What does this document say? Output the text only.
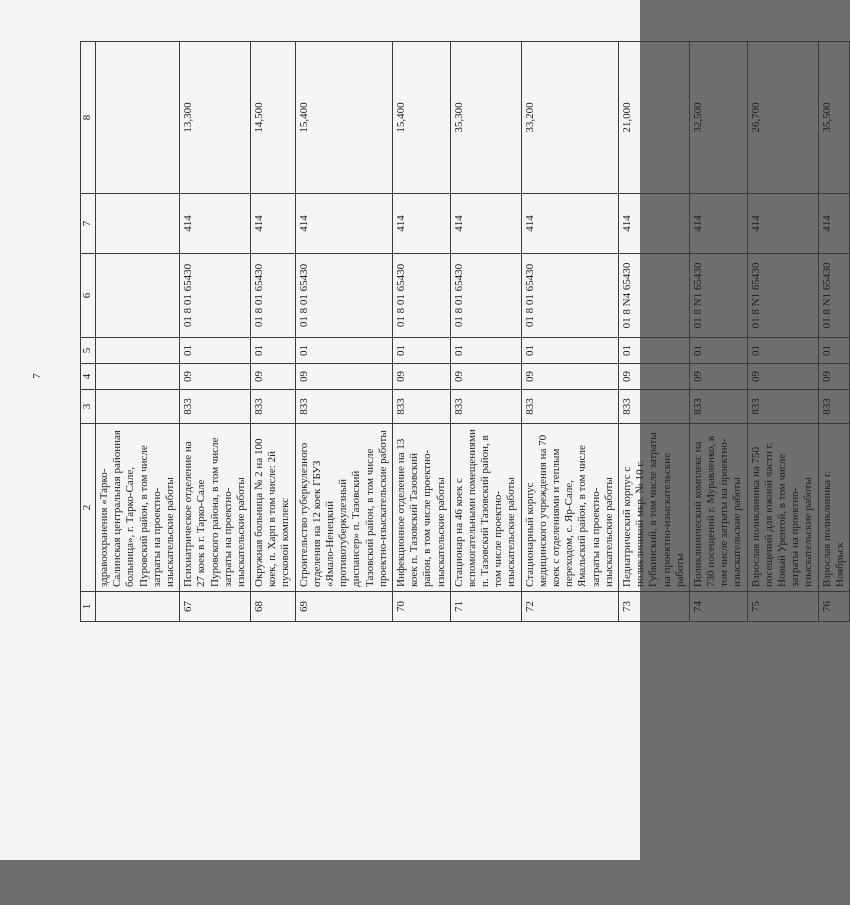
7
1	2	3	4	5	6	7	8
	здравоохранения «Тарко-Салинская центральная районная больница», г. Тарко-Сале, Пуровский район, в том числе затраты на проектно-изыскательские работы						
67	Психиатрическое отделение на 27 коек в г. Тарко-Сале Пуровского района, в том числе затраты на проектно-изыскательские работы	833	09	01	01 8 01 65430	414	13,300
68	Окружная больница № 2 на 100 коек, п. Харп в том числе: 2й пусковой комплекс	833	09	01	01 8 01 65430	414	14,500
69	Строительство туберкулезного отделения на 12 коек ГБУЗ «Ямало-Ненецкий противотуберкулезный диспансер» п. Тазовский Тазовский район, в том числе проектно-изыскательские работы	833	09	01	01 8 01 65430	414	15,400
70	Инфекционное отделение на 13 коек п. Тазовский Тазовский район, в том числе проектно-изыскательские работы	833	09	01	01 8 01 65430	414	15,400
71	Стационар на 46 коек с вспомогательными помещениями п. Тазовский Тазовский район, в том числе проектно-изыскательские работы	833	09	01	01 8 01 65430	414	35,300
72	Стационарный корпус медицинского учреждения на 70 коек с отделениями и теплым переходом, с. Яр-Сале, Ямальский район, в том числе затраты на проектно-изыскательские работы	833	09	01	01 8 01 65430	414	33,200
73	Педиатрический корпус с поликлиникой мкр. № 10 г. Губкинский, в том числе затраты на проектно-изыскательские работы	833	09	01	01 8 N4 65430	414	21,000
74	Поликлинический комплекс на 730 посещений г. Муравленко, в том числе затраты на проектно-изыскательские работы	833	09	01	01 8 N1 65430	414	32,500
75	Взрослая поликлиника на 750 посещений для южной части г. Новый Уренгой, в том числе затраты на проектно-изыскательские работы	833	09	01	01 8 N1 65430	414	26,700
76	Взрослая поликлиника г. Ноябрьск	833	09	01	01 8 N1 65430	414	35,500
